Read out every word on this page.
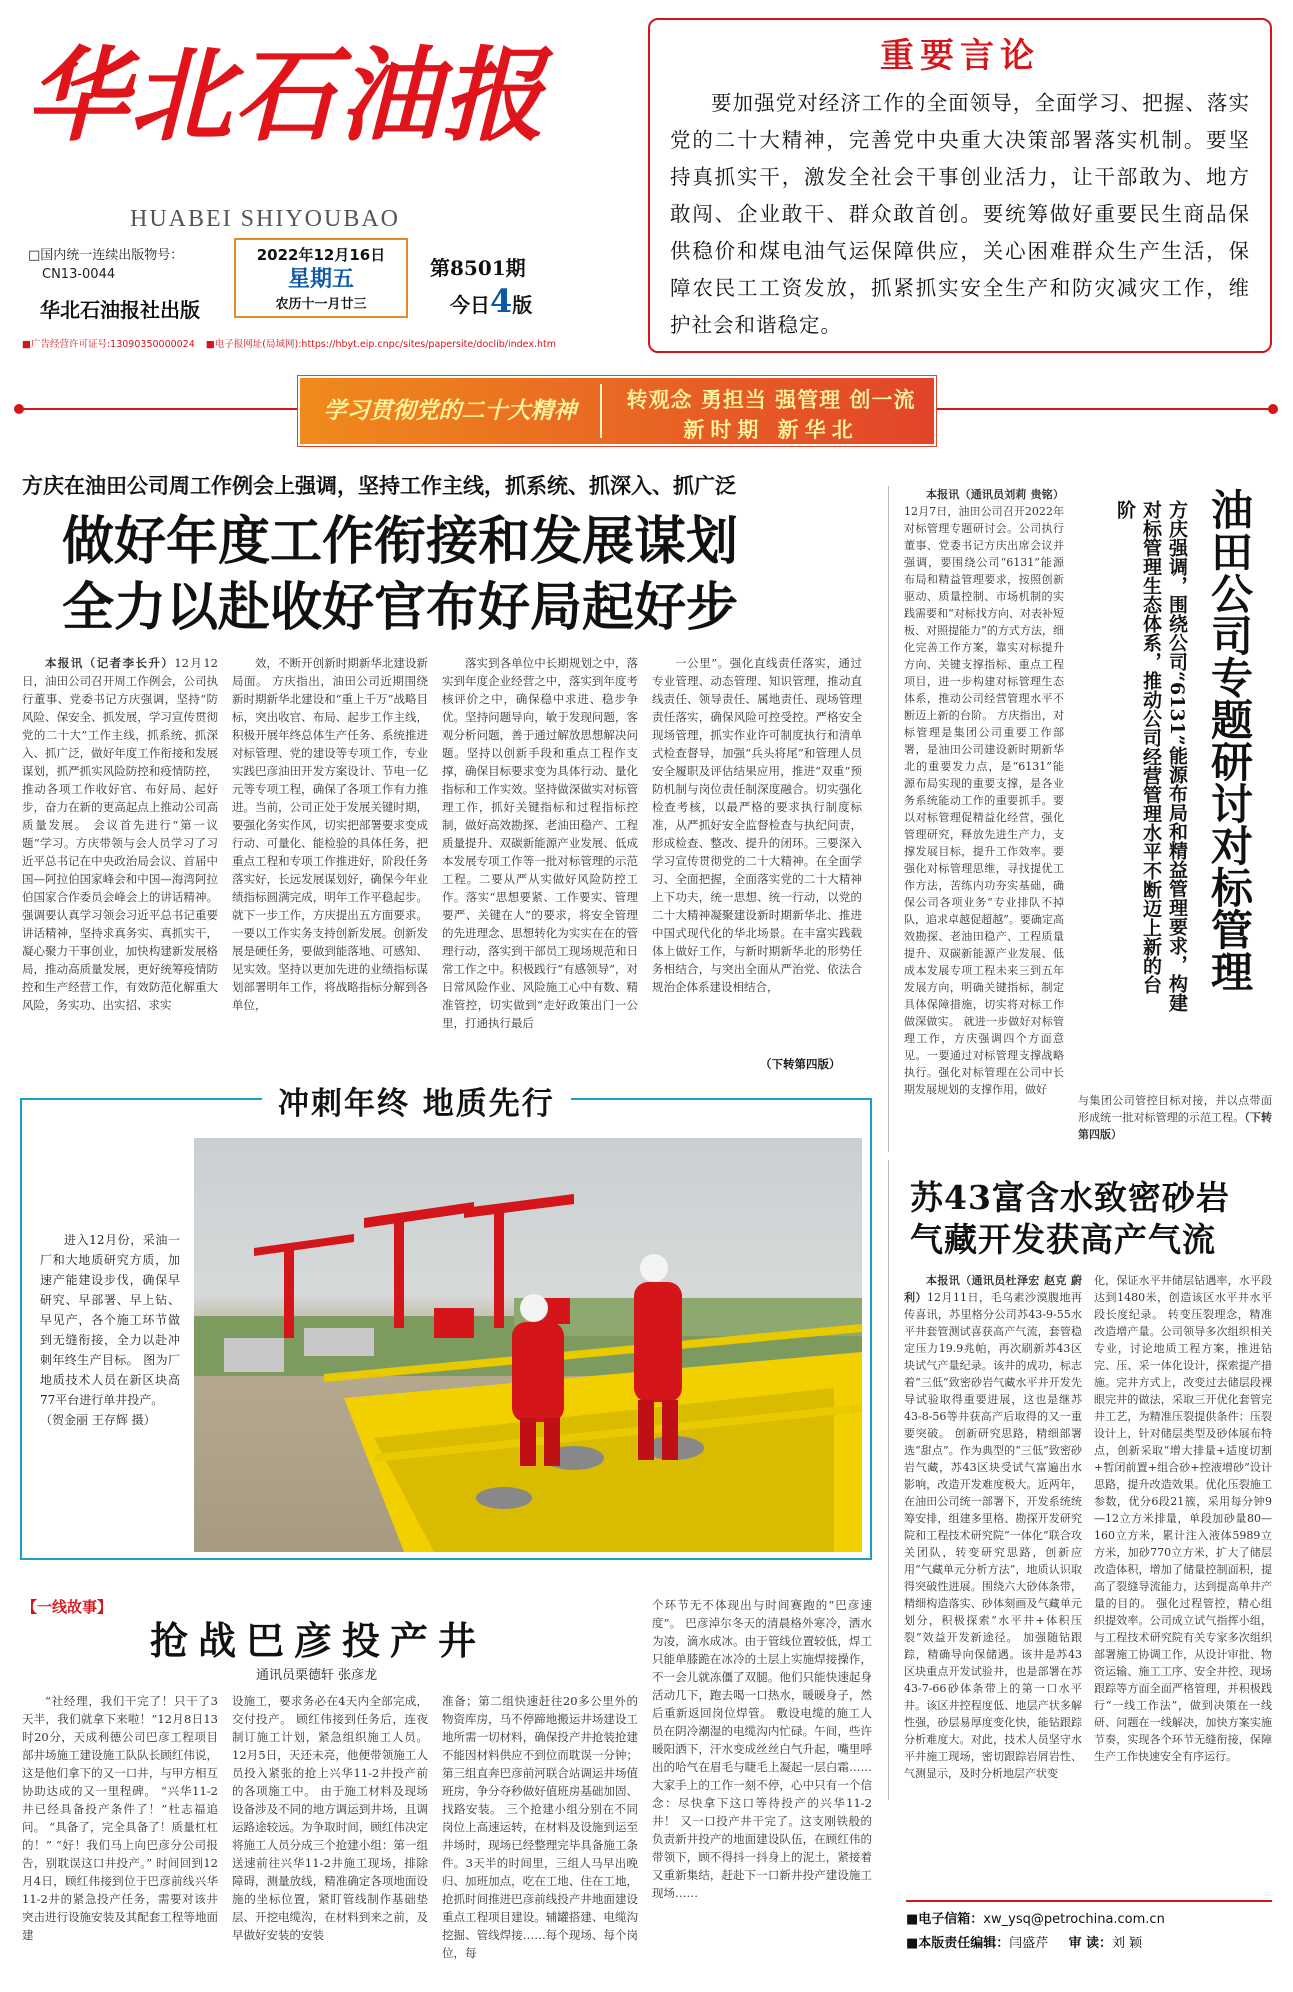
华北石油报
HUABEI SHIYOUBAO
□国内统一连续出版物号：
CN13-0044
华北石油报社出版
2022年12月16日
星期五
农历十一月廿三
第8501期
今日4版
■广告经营许可证号:13090350000024 ■电子报网址(局域网):https://hbyt.eip.cnpc/sites/papersite/doclib/index.htm
重要言论
要加强党对经济工作的全面领导，全面学习、把握、落实党的二十大精神，完善党中央重大决策部署落实机制。要坚持真抓实干，激发全社会干事创业活力，让干部敢为、地方敢闯、企业敢干、群众敢首创。要统筹做好重要民生商品保供稳价和煤电油气运保障供应，关心困难群众生产生活，保障农民工工资发放，抓紧抓实安全生产和防灾减灾工作，维护社会和谐稳定。
学习贯彻党的二十大精神	转观念 勇担当 强管理 创一流
新时期 新华北
方庆在油田公司周工作例会上强调，坚持工作主线，抓系统、抓深入、抓广泛
做好年度工作衔接和发展谋划
全力以赴收好官布好局起好步

本报讯（记者李长升）12月12日，油田公司召开周工作例会，公司执行董事、党委书记方庆强调，坚持“防风险、保安全、抓发展，学习宣传贯彻党的二十大”工作主线，抓系统、抓深入、抓广泛，做好年度工作衔接和发展谋划，抓严抓实风险防控和疫情防控，推动各项工作收好官、布好局、起好步，奋力在新的更高起点上推动公司高质量发展。 会议首先进行“第一议题”学习。方庆带领与会人员学习了习近平总书记在中央政治局会议、首届中国—阿拉伯国家峰会和中国—海湾阿拉伯国家合作委员会峰会上的讲话精神。强调要认真学习领会习近平总书记重要讲话精神，坚持求真务实、真抓实干，凝心聚力干事创业，加快构建新发展格局，推动高质量发展，更好统筹疫情防控和生产经营工作，有效防范化解重大风险，务实功、出实招、求实

效，不断开创新时期新华北建设新局面。 方庆指出，油田公司近期围绕新时期新华北建设和“重上千万”战略目标，突出收官、布局、起步工作主线，积极开展年终总体生产任务、系统推进对标管理、党的建设等专项工作，专业实践巴彦油田开发方案设计、节电一亿元等专项工程，确保了各项工作有力推进。当前，公司正处于发展关键时期，要强化务实作风，切实把部署要求变成行动、可量化、能检验的具体任务，把重点工程和专项工作推进好，阶段任务落实好，长远发展谋划好，确保今年业绩指标圆满完成，明年工作平稳起步。 就下一步工作，方庆提出五方面要求。一要以工作实务支持创新发展。创新发展是硬任务，要做到能落地、可感知、见实效。坚持以更加先进的业绩指标谋划部署明年工作，将战略指标分解到各单位，

落实到各单位中长期规划之中，落实到年度企业经营之中，落实到年度考核评价之中，确保稳中求进、稳步争优。坚持问题导向，敏于发现问题，客观分析问题，善于通过解放思想解决问题。坚持以创新手段和重点工程作支撑，确保目标要求变为具体行动、量化指标和工作实效。坚持做深做实对标管理工作，抓好关键指标和过程指标控制，做好高效勘探、老油田稳产、工程质量提升、双碳新能源产业发展、低成本发展专项工作等一批对标管理的示范工程。二要从严从实做好风险防控工作。落实“思想要紧、工作要实、管理要严、关键在人”的要求，将安全管理的先进理念、思想转化为实实在在的管理行动，落实到干部员工现场规范和日常工作之中。积极践行“有感领导”，对日常风险作业、风险施工心中有数、精准管控，切实做到“走好政策出门一公里，打通执行最后

一公里”。强化直线责任落实，通过专业管理、动态管理、知识管理，推动直线责任、领导责任、属地责任、现场管理责任落实，确保风险可控受控。严格安全现场管理，抓实作业许可制度执行和清单式检查督导，加强“兵头将尾”和管理人员安全履职及评估结果应用，推进“双重”预防机制与岗位责任制深度融合。切实强化检查考核，以最严格的要求执行制度标准，从严抓好安全监督检查与执纪问责，形成检查、整改、提升的闭环。三要深入学习宣传贯彻党的二十大精神。在全面学习、全面把握，全面落实党的二十大精神上下功夫，统一思想、统一行动，以党的二十大精神凝聚建设新时期新华北、推进中国式现代化的华北场景。在丰富实践载体上做好工作，与新时期新华北的形势任务相结合，与突出全面从严治党、依法合规治企体系建设相结合，

（下转第四版）
油田公司专题研讨对标管理
方庆强调，围绕公司“6131”能源布局和精益管理要求，构建对标管理生态体系，推动公司经营管理水平不断迈上新的台阶

本报讯（通讯员刘莉 贵铭）12月7日，油田公司召开2022年对标管理专题研讨会。公司执行董事、党委书记方庆出席会议并强调，要围绕公司“6131”能源布局和精益管理要求，按照创新驱动、质量控制、市场机制的实践需要和“对标找方向、对表补短板、对照提能力”的方式方法，细化完善工作方案，靠实对标提升方向、关键支撑指标、重点工程项目，进一步构建对标管理生态体系，推动公司经营管理水平不断迈上新的台阶。 方庆指出，对标管理是集团公司重要工作部署，是油田公司建设新时期新华北的重要发力点，是“6131”能源布局实现的重要支撑，是各业务系统能动工作的重要抓手。要以对标管理促精益化经营，强化管理研究，释放先进生产力，支撑发展目标，提升工作效率。要强化对标管理思维，寻找提优工作方法，苦练内功夯实基础，确保公司各项业务“专业排队不掉队，追求卓越促超越”。要确定高效勘探、老油田稳产、工程质量提升、双碳新能源产业发展、低成本发展专项工程未来三到五年发展方向，明确关键指标，制定具体保障措施，切实将对标工作做深做实。 就进一步做好对标管理工作，方庆强调四个方面意见。一要通过对标管理支撑战略执行。强化对标管理在公司中长期发展规划的支撑作用，做好

与集团公司管控目标对接，并以点带面形成统一批对标管理的示范工程。（下转第四版）

冲刺年终 地质先行
进入12月份，采油一厂和大地质研究方质，加速产能建设步伐，确保早研究、早部署、早上钻、早见产，各个施工环节做到无缝衔接，全力以赴冲刺年终生产目标。 图为厂地质技术人员在新区块高77平台进行单井投产。
（贺金丽 王存辉 摄）
苏43富含水致密砂岩
气藏开发获高产气流

本报讯（通讯员杜泽宏 赵克 蔚利）12月11日，毛乌素沙漠腹地再传喜讯，苏里格分公司苏43-9-55水平井套管测试喜获高产气流，套管稳定压力19.9兆帕，再次刷新苏43区块试气产量纪录。该井的成功，标志着“三低”致密砂岩气藏水平井开发先导试验取得重要进展，这也是继苏43-8-56等井获高产后取得的又一重要突破。 创新研究思路，精细部署选“甜点”。作为典型的“三低”致密砂岩气藏，苏43区块受试气富遍出水影响，改造开发难度极大。近两年，在油田公司统一部署下，开发系统统筹安排，组建多里格、勘探开发研究院和工程技术研究院“一体化”联合攻关团队，转变研究思路，创新应用“气藏单元分析方法”，地质认识取得突破性进展。围绕六大砂体条带，精细构造落实、砂体刻画及气藏单元划分，积极探索“水平井+体积压裂”效益开发新途径。 加强随钻跟踪，精确导向保储遇。该井是苏43区块重点开发试验井，也是部署在苏43-7-66砂体条带上的第一口水平井。该区井控程度低、地层产状多解性强，砂层易厚度变化快，能钻跟踪分析难度大。对此，技术人员坚守水平井施工现场，密切跟踪岩屑岩性、气测显示，及时分析地层产状变

化，保证水平井储层钻遇率，水平段达到1480米，创造该区水平井水平段长度纪录。 转变压裂理念，精准改造增产量。公司领导多次组织相关专业，讨论地质工程方案，推进钻完、压、采一体化设计，探索提产措施。完井方式上，改变过去储层段裸眼完井的做法，采取三开优化套管完井工艺，为精准压裂提供条件：压裂设计上，针对储层类型及砂体展布特点，创新采取“增大排量+适度切割+暂闭前置+组合砂+控液增砂”设计思路，提升改造效果。优化压裂施工参数，优分6段21簇，采用每分钟9—12立方米排量，单段加砂量80—160立方米，累计注入液体5989立方米，加砂770立方米，扩大了储层改造体积，增加了储量控制面积，提高了裂缝导流能力，达到提高单井产量的目的。 强化过程管控，精心组织提效率。公司成立试气指挥小组，与工程技术研究院有关专家多次组织部署施工协调工作，从设计审批、物资运输、施工工序、安全井控、现场跟踪等方面全面严格管理，并积极践行“一线工作法”，做到决策在一线研、问题在一线解决，加快方案实施节奏，实现各个环节无缝衔接，保障生产工作快速安全有序运行。

【一线故事】
抢战巴彦投产井
通讯员栗德轩 张彦龙

“社经理，我们干完了！只干了3天半，我们就拿下来啦！”12月8日13时20分，天成利德公司巴彦工程项目部井场施工建设施工队队长顾红伟说，这是他们拿下的又一口井，与甲方相互协助达成的又一里程碑。 “兴华11-2井已经具备投产条件了！”杜志福追问。 “具备了，完全具备了！质量杠杠的！” “好！我们马上向巴彦分公司报告，别耽误这口井投产。” 时间回到12月4日，顾红伟接到位于巴彦前线兴华11-2井的紧急投产任务，需要对该井突击进行设施安装及其配套工程等地面建

设施工，要求务必在4天内全部完成，交付投产。 顾红伟接到任务后，连夜制订施工计划，紧急组织施工人员。12月5日，天还未亮，他便带领施工人员投入紧张的抢上兴华11-2井投产前的各项施工中。 由于施工材料及现场设备涉及不同的地方调运到井场，且调运路途较远。为争取时间，顾红伟决定将施工人员分成三个抢建小组：第一组送速前往兴华11-2井施工现场，排除障碍，测量放线，精准确定各项地面设施的坐标位置，紧盯管线制作基础垫层、开挖电缆沟，在材料到来之前，及早做好安装的安装

准备；第二组快速赶往20多公里外的物资库房，马不停蹄地搬运井场建设工地所需一切材料，确保投产井抢装抢建不能因材料供应不到位而耽误一分钟；第三组直奔巴彦前河联合站调运井场值班房，争分夺秒做好值班房基础加固、找路安装。 三个抢建小组分别在不同岗位上高速运转，在材料及设施到运至井场时，现场已经整理完毕具备施工条件。3天半的时间里，三组人马早出晚归、加班加点，吃在工地、住在工地，抢抓时间推进巴彦前线投产井地面建设重点工程项目建设。辅罐搭建、电缆沟挖掘、管线焊接……每个现场、每个岗位，每

个环节无不体现出与时间赛跑的“巴彦速度”。 巴彦淖尔冬天的清晨格外寒冷，洒水为凌，滴水成冰。由于管线位置较低，焊工只能单膝跪在冰冷的土层上实施焊接操作，不一会儿就冻僵了双腿。他们只能快速起身活动几下，跑去喝一口热水，暖暖身子，然后重新返回岗位焊管。 敷设电缆的施工人员在阴冷潮湿的电缆沟内忙碌。午间，些许暖阳洒下，汗水变成丝丝白气升起，嘴里呼出的哈气在眉毛与睫毛上凝起一层白霜……大家手上的工作一刻不停，心中只有一个信念：尽快拿下这口等待投产的兴华11-2井！ 又一口投产井干完了。这支刚铁般的负责新井投产的地面建设队伍，在顾红伟的带领下，顾不得抖一抖身上的泥土，紧接着又重新集结，赶赴下一口新井投产建设施工现场……

■电子信箱：xw_ysq@petrochina.com.cn
■本版责任编辑：闫盛芹 审 读：刘 颖
